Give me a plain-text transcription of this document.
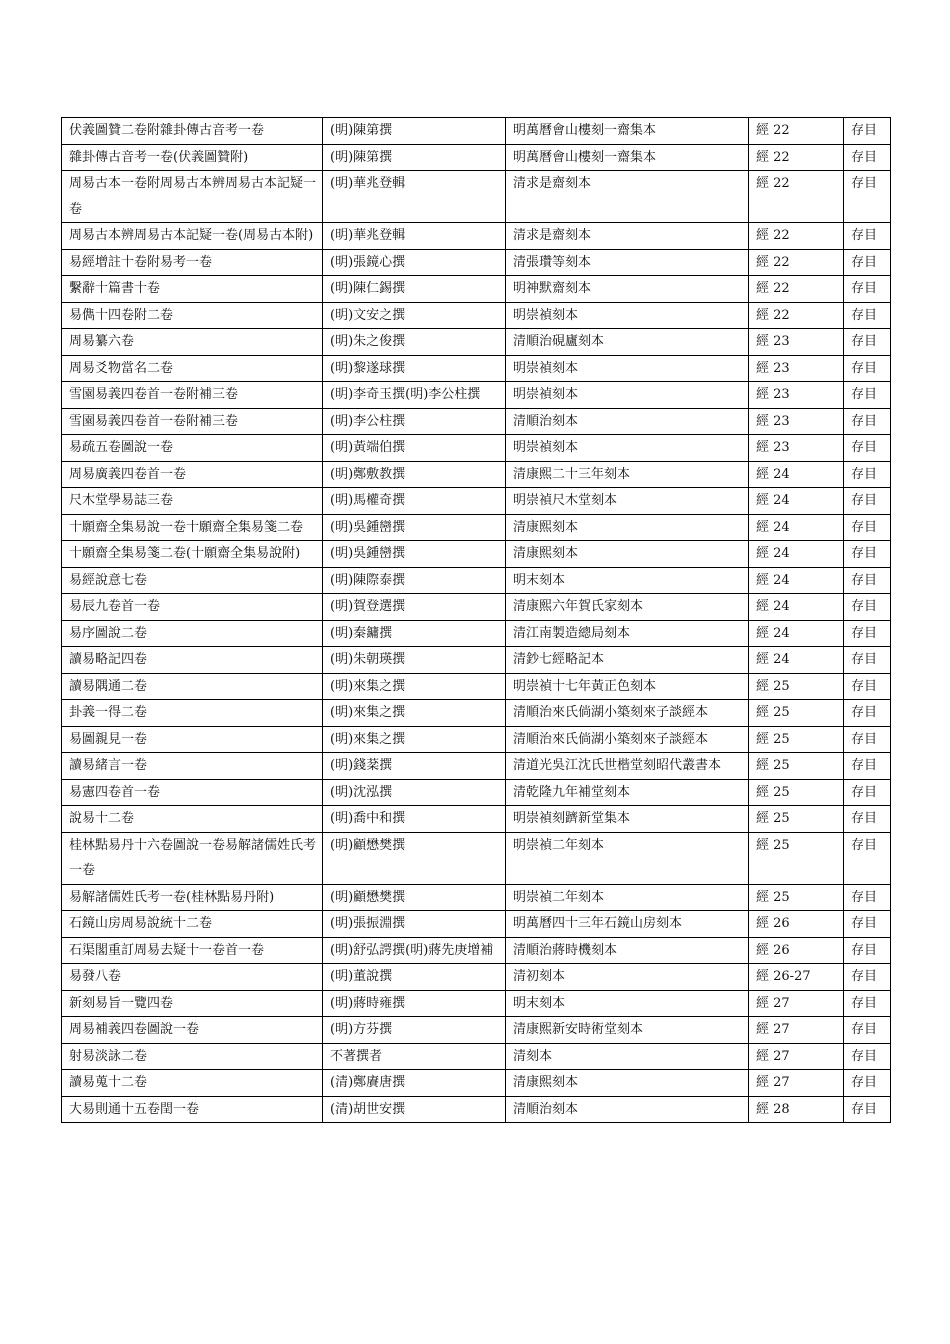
伏義圖贊二卷附雜卦傳古音考一卷	(明)陳第撰	明萬曆會山樓刻一齋集本	經 22	存目
雜卦傳古音考一卷(伏義圖贊附)	(明)陳第撰	明萬曆會山樓刻一齋集本	經 22	存目
周易古本一卷附周易古本辨周易古本記疑一卷	(明)華兆登輯	清求是齋刻本	經 22	存目
周易古本辨周易古本記疑一卷(周易古本附)	(明)華兆登輯	清求是齋刻本	經 22	存目
易經增註十卷附易考一卷	(明)張鏡心撰	清張瓚等刻本	經 22	存目
繫辭十篇書十卷	(明)陳仁錫撰	明神默齋刻本	經 22	存目
易儁十四卷附二卷	(明)文安之撰	明崇禎刻本	經 22	存目
周易纂六卷	(明)朱之俊撰	清順治硯廬刻本	經 23	存目
周易爻物當名二卷	(明)黎遂球撰	明崇禎刻本	經 23	存目
雪園易義四卷首一卷附補三卷	(明)李奇玉撰(明)李公柱撰	明崇禎刻本	經 23	存目
雪園易義四卷首一卷附補三卷	(明)李公柱撰	清順治刻本	經 23	存目
易疏五卷圖說一卷	(明)黃端伯撰	明崇禎刻本	經 23	存目
周易廣義四卷首一卷	(明)鄭敷教撰	清康熙二十三年刻本	經 24	存目
尺木堂學易誌三卷	(明)馬權奇撰	明崇禎尺木堂刻本	經 24	存目
十願齋全集易說一卷十願齋全集易箋二卷	(明)吳鍾巒撰	清康熙刻本	經 24	存目
十願齋全集易箋二卷(十願齋全集易說附)	(明)吳鍾巒撰	清康熙刻本	經 24	存目
易經說意七卷	(明)陳際泰撰	明末刻本	經 24	存目
易辰九卷首一卷	(明)賀登選撰	清康熙六年賀氏家刻本	經 24	存目
易序圖說二卷	(明)秦鏞撰	清江南製造總局刻本	經 24	存目
讀易略記四卷	(明)朱朝瑛撰	清鈔七經略記本	經 24	存目
讀易隅通二卷	(明)來集之撰	明崇禎十七年黃正色刻本	經 25	存目
卦義一得二卷	(明)來集之撰	清順治來氏倘湖小築刻來子談經本	經 25	存目
易圖親見一卷	(明)來集之撰	清順治來氏倘湖小築刻來子談經本	經 25	存目
讀易緒言一卷	(明)錢棻撰	清道光吳江沈氏世楷堂刻昭代叢書本	經 25	存目
易憲四卷首一卷	(明)沈泓撰	清乾隆九年補堂刻本	經 25	存目
說易十二卷	(明)喬中和撰	明崇禎刻躋新堂集本	經 25	存目
桂林點易丹十六卷圖說一卷易解諸儒姓氏考一卷	(明)顧懋樊撰	明崇禎二年刻本	經 25	存目
易解諸儒姓氏考一卷(桂林點易丹附)	(明)顧懋樊撰	明崇禎二年刻本	經 25	存目
石鏡山房周易說統十二卷	(明)張振淵撰	明萬曆四十三年石鏡山房刻本	經 26	存目
石渠閣重訂周易去疑十一卷首一卷	(明)舒弘諤撰(明)蔣先庚增補	清順治蔣時機刻本	經 26	存目
易發八卷	(明)董說撰	清初刻本	經 26-27	存目
新刻易旨一覽四卷	(明)蔣時雍撰	明末刻本	經 27	存目
周易補義四卷圖說一卷	(明)方芬撰	清康熙新安時術堂刻本	經 27	存目
射易淡詠二卷	不著撰者	清刻本	經 27	存目
讀易蒐十二卷	(清)鄭賡唐撰	清康熙刻本	經 27	存目
大易則通十五卷閏一卷	(清)胡世安撰	清順治刻本	經 28	存目
